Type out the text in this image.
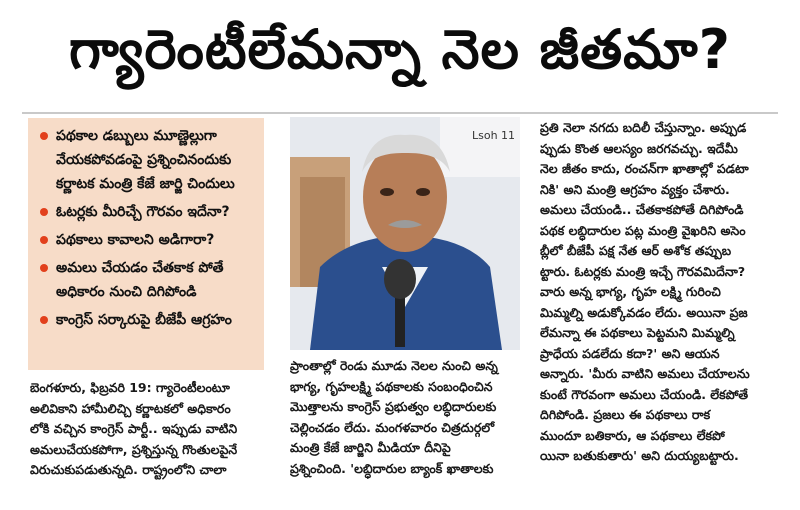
గ్యారెంటీలేమన్నా నెల జీతమా?
పథకాల డబ్బులు మూణ్ణెల్లుగా వేయకపోవడంపై ప్రశ్నించినందుకు కర్ణాటక మంత్రి కేజే జార్జి చిందులు
ఓటర్లకు మీరిచ్చే గౌరవం ఇదేనా?
పథకాలు కావాలని అడిగారా?
అమలు చేయడం చేతకాక పోతే అధికారం నుంచి దిగిపోండి
కాంగ్రెస్ సర్కారుపై బీజేపీ ఆగ్రహం
Lsoh 11
బెంగళూరు, ఫిబ్రవరి 19: గ్యారెంటీలంటూ
అలివికాని హామీలిచ్చి కర్ణాటకలో అధికారం
లోకి వచ్చిన కాంగ్రెస్ పార్టీ.. ఇప్పుడు వాటిని
అమలుచేయకపోగా, ప్రశ్నిస్తున్న గొంతులపైనే
విరుచుకుపడుతున్నది. రాష్ట్రంలోని చాలా
ప్రాంతాల్లో రెండు మూడు నెలల నుంచి అన్న
భాగ్య, గృహలక్ష్మి పథకాలకు సంబంధించిన
మొత్తాలను కాంగ్రెస్ ప్రభుత్వం లబ్ధిదారులకు
చెల్లించడం లేదు. మంగళవారం చిత్రదుర్గలో
మంత్రి కేజే జార్జిని మీడియా దీనిపై
ప్రశ్నించింది. 'లబ్ధిదారుల బ్యాంక్ ఖాతాలకు
ప్రతి నెలా నగదు బదిలీ చేస్తున్నాం. అప్పుడ
ప్పుడు కొంత ఆలస్యం జరగవచ్చు. ఇదేమీ
నెల జీతం కాదు, రంచన్‌గా ఖాతాల్లో పడటా
నికి' అని మంత్రి ఆగ్రహం వ్యక్తం చేశారు.
అమలు చేయండి.. చేతకాకపోతే దిగిపోండి
పథక లబ్ధిదారుల పట్ల మంత్రి వైఖరిని అసెం
బ్లీలో బీజేపీ పక్ష నేత ఆర్ అశోక తప్పుబ
ట్టారు. ఓటర్లకు మంత్రి ఇచ్చే గౌరవమిదేనా?
వారు అన్న భాగ్య, గృహ లక్ష్మి గురించి
మిమ్మల్ని అడుక్కోవడం లేదు. అయినా ప్రజ
లేమన్నా ఈ పథకాలు పెట్టమని మిమ్మల్ని
ప్రాధేయ పడలేదు కదా?' అని ఆయన
అన్నారు. 'మీరు వాటిని అమలు చేయాలను
కుంటే గౌరవంగా అమలు చేయండి. లేకపోతే
దిగిపోండి. ప్రజలు ఈ పథకాలు రాక
ముందూ బతికారు, ఆ పథకాలు లేకపో
యినా బతుకుతారు' అని దుయ్యబట్టారు.
